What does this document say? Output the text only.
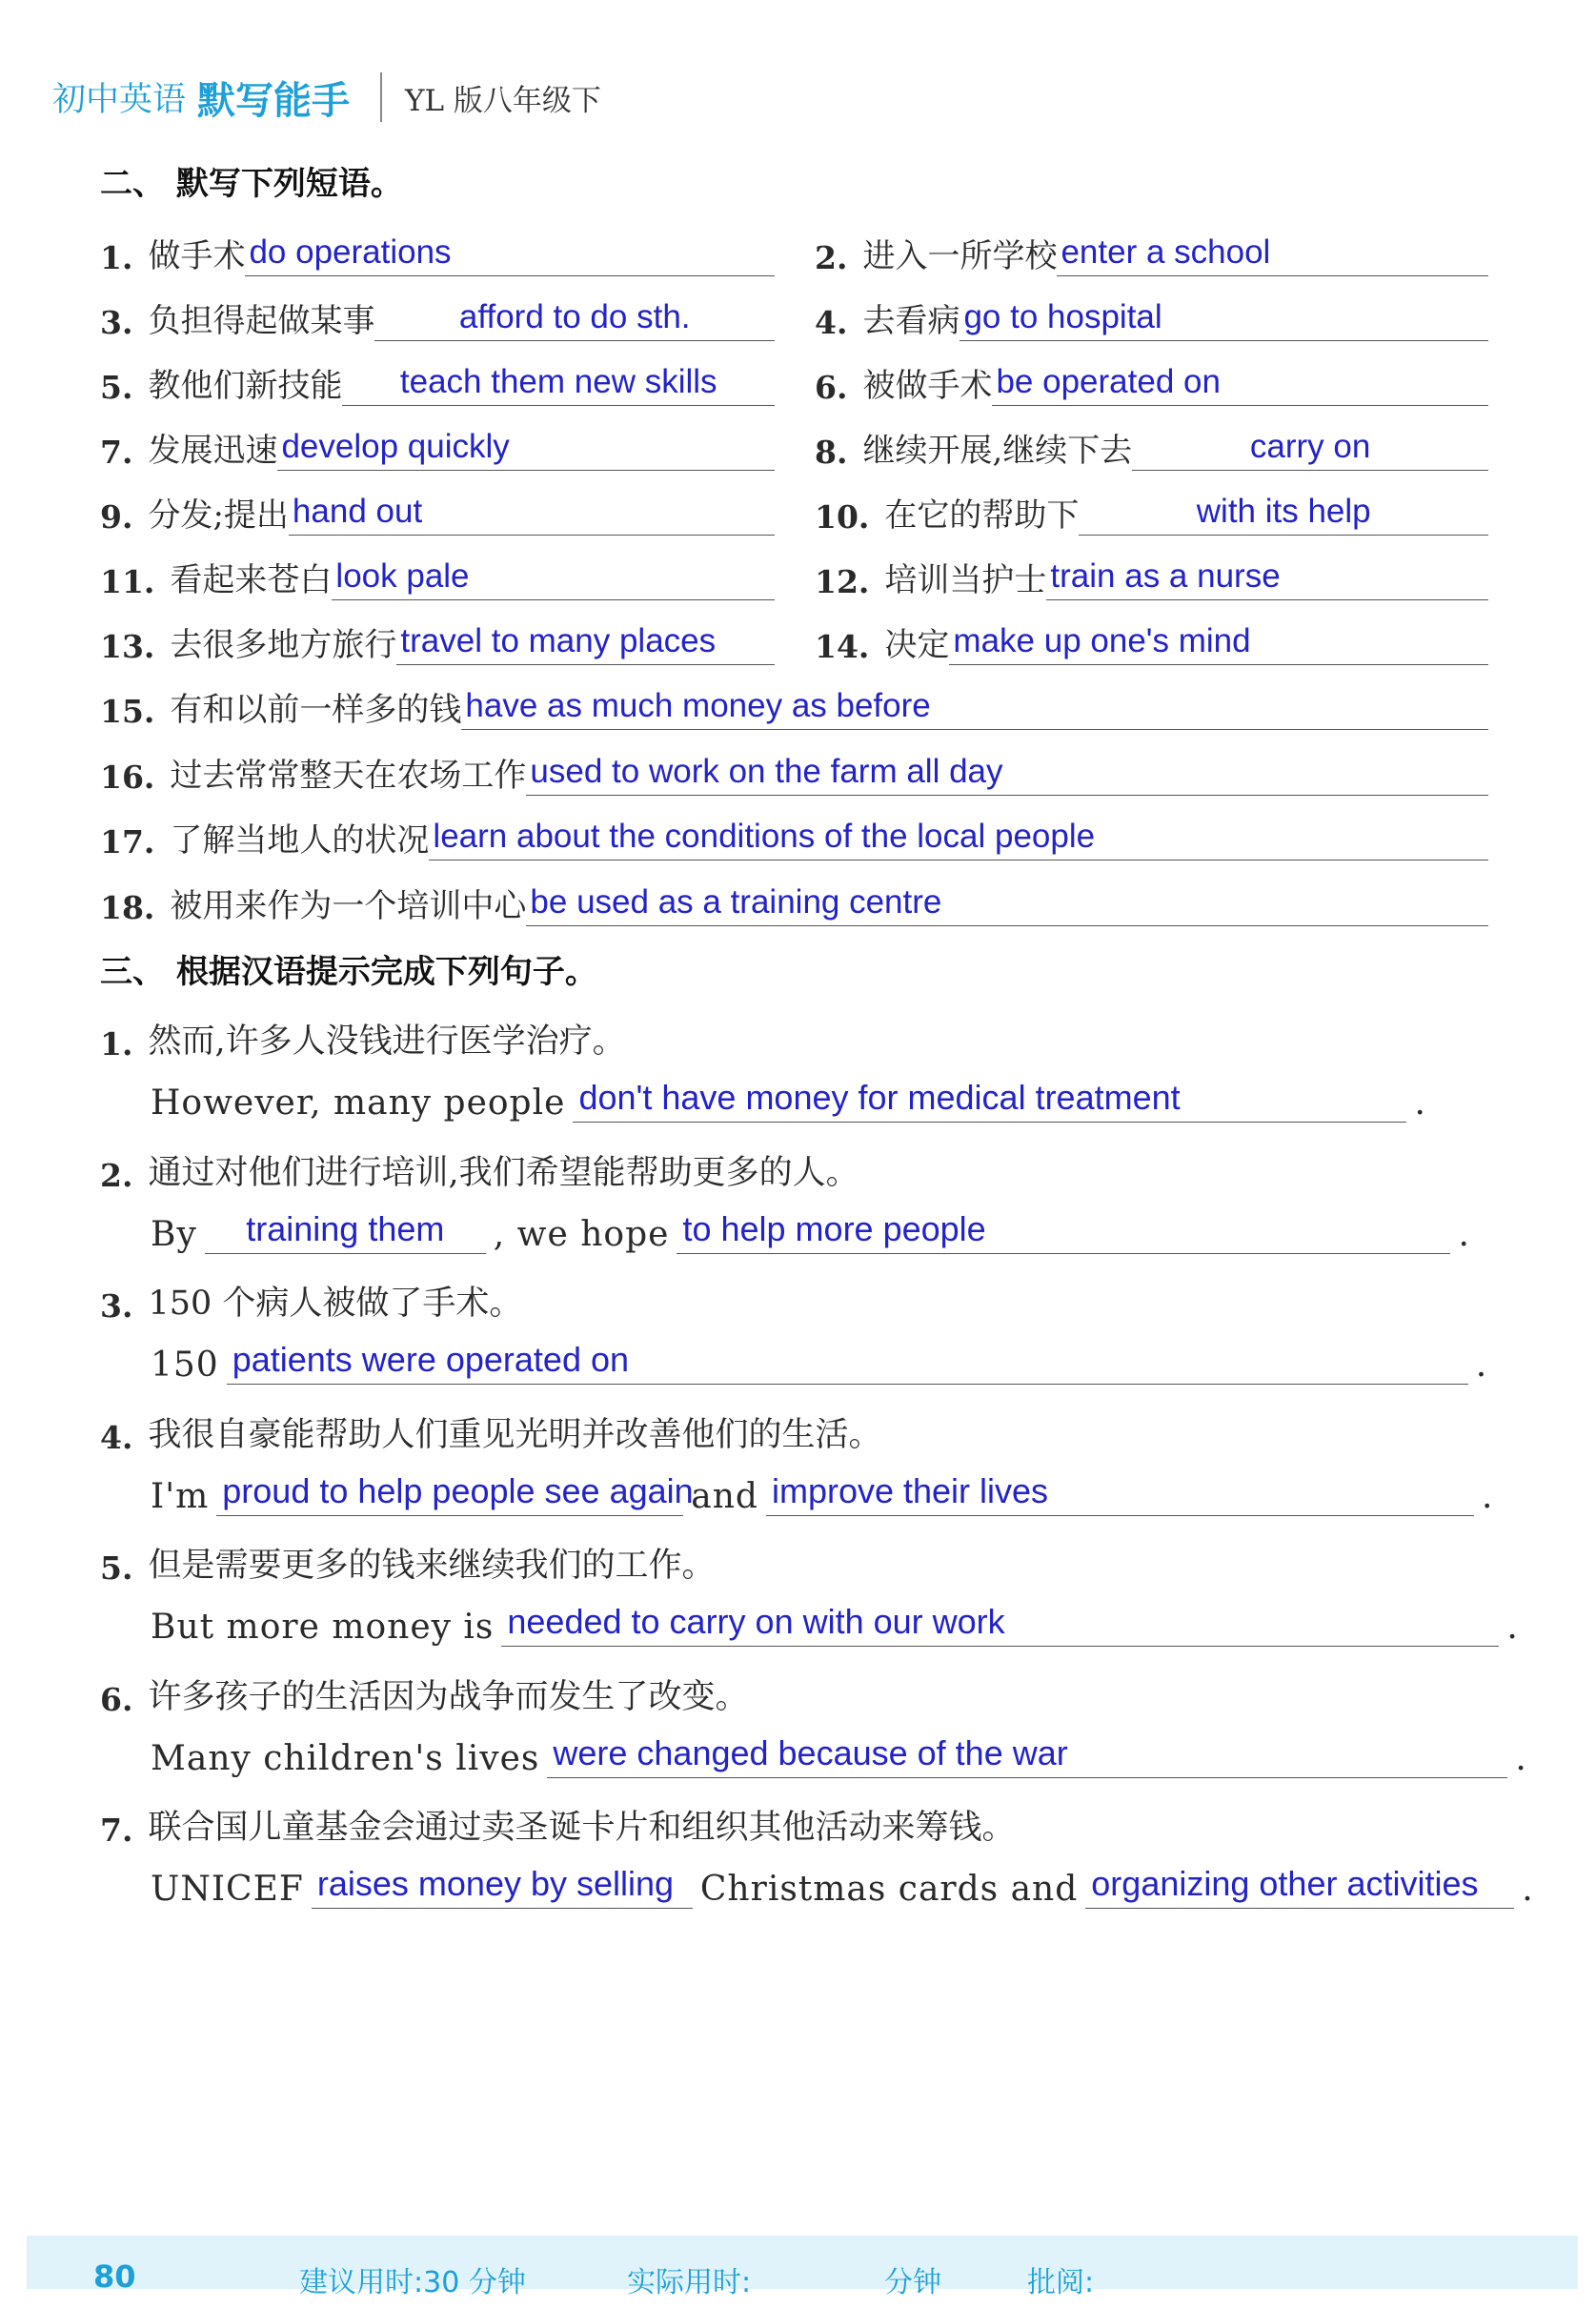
初中英语 默写能手 YL 版八年级下
二、 默写下列短语。
1. 做手术 do operations	2. 进入一所学校 enter a school
3. 负担得起做某事	afford to do sth.	4. 去看病 go to hospital
5. 教他们新技能 teach them new skills	6. 被做手术 be operated on
7. 发展迅速 develop quickly	8. 继续开展,继续下去	carry on
9. 分发;提出 hand out	10. 在它的帮助下	with its help
11. 看起来苍白 look pale	12. 培训当护士 train as a nurse
13. 去很多地方旅行 travel to many places	14. 决定 make up one's mind
15. 有和以前一样多的钱 have as much money as before
16. 过去常常整天在农场工作 used to work on the farm all day
17. 了解当地人的状况 learn about the conditions of the local people
18. 被用来作为一个培训中心 be used as a training centre
三、 根据汉语提示完成下列句子。
1. 然而,许多人没钱进行医学治疗。
However, many people don't have money for medical treatment	.
2. 通过对他们进行培训,我们希望能帮助更多的人。
By training them , we hope to help more people	.
3. 150 个病人被做了手术。
150 patients were operated on	.
4. 我很自豪能帮助人们重见光明并改善他们的生活。
I'm proud to help people see again
and improve their lives	.
5. 但是需要更多的钱来继续我们的工作。
But more money is needed to carry on with our work	.
6. 许多孩子的生活因为战争而发生了改变。
Many children's lives were changed because of the war	.
7. 联合国儿童基金会通过卖圣诞卡片和组织其他活动来筹钱。
UNICEF raises money by selling Christmas cards and organizing other activities .
80	建议用时:30 分钟	实际用时:	分钟	批阅:
